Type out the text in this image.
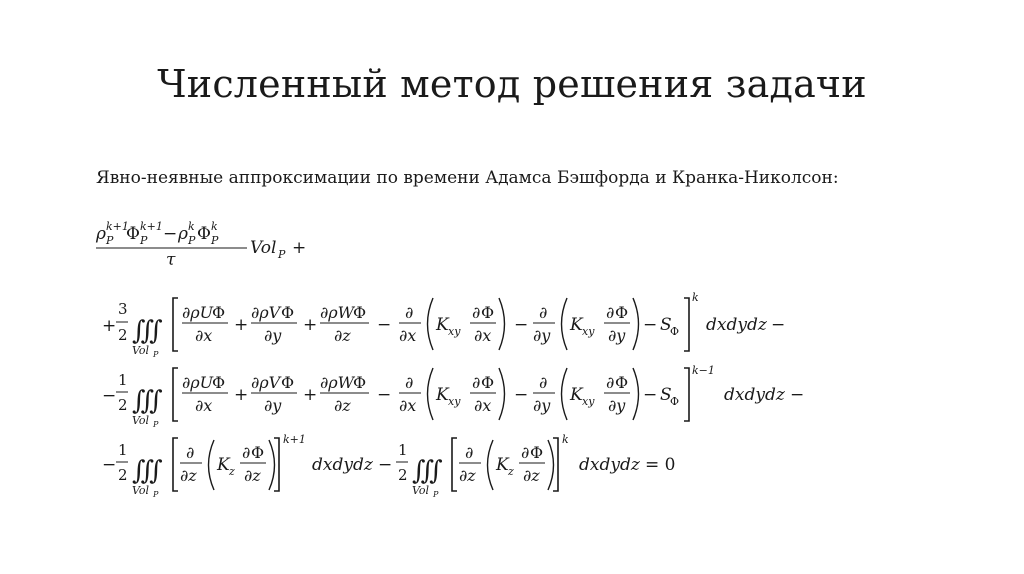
Численный метод решения задачи
Явно-неявные аппроксимации по времени Адамса Бэшфорда и Кранка-Николсон:
ρ P
k+1
Φ P
k+1 − ρ P
k Φ P
k
τ
Vol P +
+
3
2 ∭
Vol P
∂ρU
Φ
∂x
+
∂ρV Φ
∂y
+
∂ρW
Φ
∂z
−
∂
∂x
K xy
∂ Φ
∂x
−
∂
∂y
K xy
∂ Φ
∂y
− S
Φ
k
dxdydz −
−
1
2 ∭
Vol P
∂ρU
Φ
∂x
+
∂ρV Φ
∂y
+
∂ρW
Φ
∂z
−
∂
∂x
K xy
∂ Φ
∂x
−
∂
∂y
K xy
∂ Φ
∂y
− S
Φ
k−1
dxdydz −
−
1
2 ∭
Vol P
∂
∂z
K z
∂ Φ
∂z
k+1
dxdydz −
1
2 ∭
Vol P
∂
∂z
K z
∂ Φ
∂z
k
dxdydz = 0
